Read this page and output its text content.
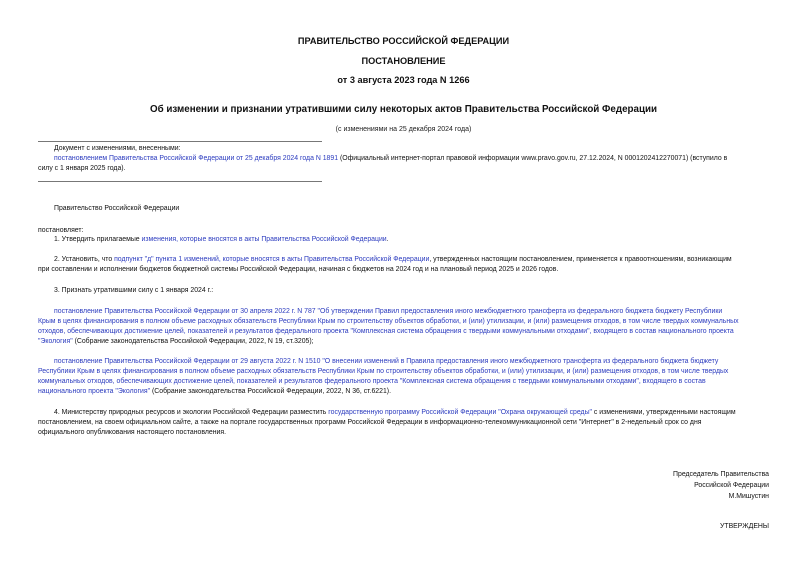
ПРАВИТЕЛЬСТВО РОССИЙСКОЙ ФЕДЕРАЦИИ
ПОСТАНОВЛЕНИЕ
от 3 августа 2023 года N 1266
Об изменении и признании утратившими силу некоторых актов Правительства Российской Федерации
(с изменениями на 25 декабря 2024 года)
Документ с изменениями, внесенными:
постановлением Правительства Российской Федерации от 25 декабря 2024 года N 1891 (Официальный интернет-портал правовой информации www.pravo.gov.ru, 27.12.2024, N 0001202412270071) (вступило в
силу с 1 января 2025 года).
Правительство Российской Федерации
постановляет:
1. Утвердить прилагаемые изменения, которые вносятся в акты Правительства Российской Федерации.
2. Установить, что подпункт "д" пункта 1 изменений, которые вносятся в акты Правительства Российской Федерации, утвержденных настоящим постановлением, применяется к правоотношениям, возникающим
при составлении и исполнении бюджетов бюджетной системы Российской Федерации, начиная с бюджетов на 2024 год и на плановый период 2025 и 2026 годов.
3. Признать утратившими силу с 1 января 2024 г.:
постановление Правительства Российской Федерации от 30 апреля 2022 г. N 787 "Об утверждении Правил предоставления иного межбюджетного трансферта из федерального бюджета бюджету Республики
Крым в целях финансирования в полном объеме расходных обязательств Республики Крым по строительству объектов обработки, и (или) утилизации, и (или) размещения отходов, в том числе твердых коммунальных
отходов, обеспечивающих достижение целей, показателей и результатов федерального проекта "Комплексная система обращения с твердыми коммунальными отходами", входящего в состав национального проекта
"Экология" (Собрание законодательства Российской Федерации, 2022, N 19, ст.3205);
постановление Правительства Российской Федерации от 29 августа 2022 г. N 1510 "О внесении изменений в Правила предоставления иного межбюджетного трансферта из федерального бюджета бюджету
Республики Крым в целях финансирования в полном объеме расходных обязательств Республики Крым по строительству объектов обработки, и (или) утилизации, и (или) размещения отходов, в том числе твердых
коммунальных отходов, обеспечивающих достижение целей, показателей и результатов федерального проекта "Комплексная система обращения с твердыми коммунальными отходами", входящего в состав
национального проекта "Экология" (Собрание законодательства Российской Федерации, 2022, N 36, ст.6221).
4. Министерству природных ресурсов и экологии Российской Федерации разместить государственную программу Российской Федерации "Охрана окружающей среды" с изменениями, утвержденными настоящим
постановлением, на своем официальном сайте, а также на портале государственных программ Российской Федерации в информационно-телекоммуникационной сети "Интернет" в 2-недельный срок со дня
официального опубликования настоящего постановления.
Председатель Правительства
Российской Федерации
М.Мишустин
УТВЕРЖДЕНЫ
